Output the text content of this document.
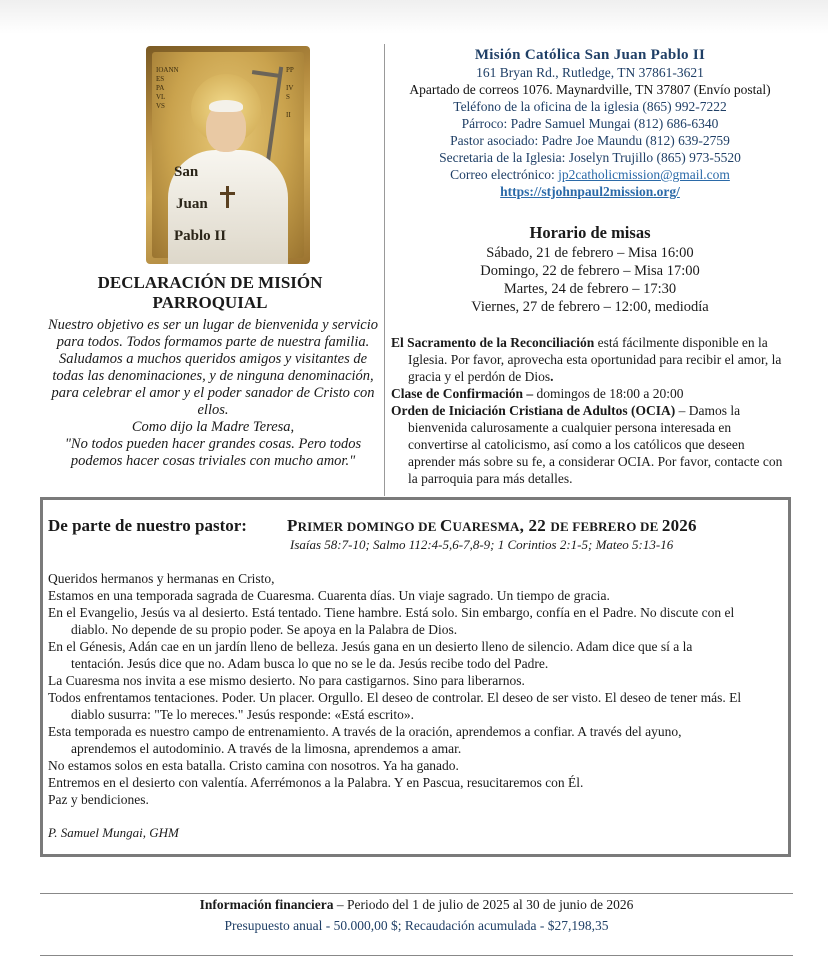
IOANN
ES
PA
VL
VS
PP

IV
S

II
San
Juan
Pablo II
DECLARACIÓN DE MISIÓN PARROQUIAL
Nuestro objetivo es ser un lugar de bienvenida y servicio para todos. Todos formamos parte de nuestra familia. Saludamos a muchos queridos amigos y visitantes de todas las denominaciones, y de ninguna denominación, para celebrar el amor y el poder sanador de Cristo con ellos.
Como dijo la Madre Teresa,
"No todos pueden hacer grandes cosas. Pero todos podemos hacer cosas triviales con mucho amor."
Misión Católica San Juan Pablo II
161 Bryan Rd., Rutledge, TN 37861-3621
Apartado de correos 1076. Maynardville, TN 37807 (Envío postal)
Teléfono de la oficina de la iglesia (865) 992-7222
Párroco: Padre Samuel Mungai (812) 686-6340
Pastor asociado: Padre Joe Maundu (812) 639-2759
Secretaria de la Iglesia: Joselyn Trujillo (865) 973-5520
Correo electrónico: jp2catholicmission@gmail.com
https://stjohnpaul2mission.org/
Horario de misas
Sábado, 21 de febrero – Misa 16:00
Domingo, 22 de febrero – Misa 17:00
Martes, 24 de febrero – 17:30
Viernes, 27 de febrero – 12:00, mediodía

El Sacramento de la Reconciliación está fácilmente disponible en la Iglesia. Por favor, aprovecha esta oportunidad para recibir el amor, la gracia y el perdón de Dios.

Clase de Confirmación – domingos de 18:00 a 20:00

Orden de Iniciación Cristiana de Adultos (OCIA) – Damos la bienvenida calurosamente a cualquier persona interesada en convertirse al catolicismo, así como a los católicos que deseen aprender más sobre su fe, a considerar OCIA. Por favor, contacte con la parroquia para más detalles.

De parte de nuestro pastor: PRIMER DOMINGO DE CUARESMA, 22 DE FEBRERO DE 2026
Isaías 58:7-10; Salmo 112:4-5,6-7,8-9; 1 Corintios 2:1-5; Mateo 5:13-16

Queridos hermanos y hermanas en Cristo,

Estamos en una temporada sagrada de Cuaresma. Cuarenta días. Un viaje sagrado. Un tiempo de gracia.

En el Evangelio, Jesús va al desierto. Está tentado. Tiene hambre. Está solo. Sin embargo, confía en el Padre. No discute con el diablo. No depende de su propio poder. Se apoya en la Palabra de Dios.

En el Génesis, Adán cae en un jardín lleno de belleza. Jesús gana en un desierto lleno de silencio. Adam dice que sí a la tentación. Jesús dice que no. Adam busca lo que no se le da. Jesús recibe todo del Padre.

La Cuaresma nos invita a ese mismo desierto. No para castigarnos. Sino para liberarnos.

Todos enfrentamos tentaciones. Poder. Un placer. Orgullo. El deseo de controlar. El deseo de ser visto. El deseo de tener más. El diablo susurra: "Te lo mereces." Jesús responde: «Está escrito».

Esta temporada es nuestro campo de entrenamiento. A través de la oración, aprendemos a confiar. A través del ayuno, aprendemos el autodominio. A través de la limosna, aprendemos a amar.

No estamos solos en esta batalla. Cristo camina con nosotros. Ya ha ganado.

Entremos en el desierto con valentía. Aferrémonos a la Palabra. Y en Pascua, resucitaremos con Él.

Paz y bendiciones.

P. Samuel Mungai, GHM
Información financiera – Periodo del 1 de julio de 2025 al 30 de junio de 2026
Presupuesto anual - 50.000,00 $; Recaudación acumulada - $27,198,35
